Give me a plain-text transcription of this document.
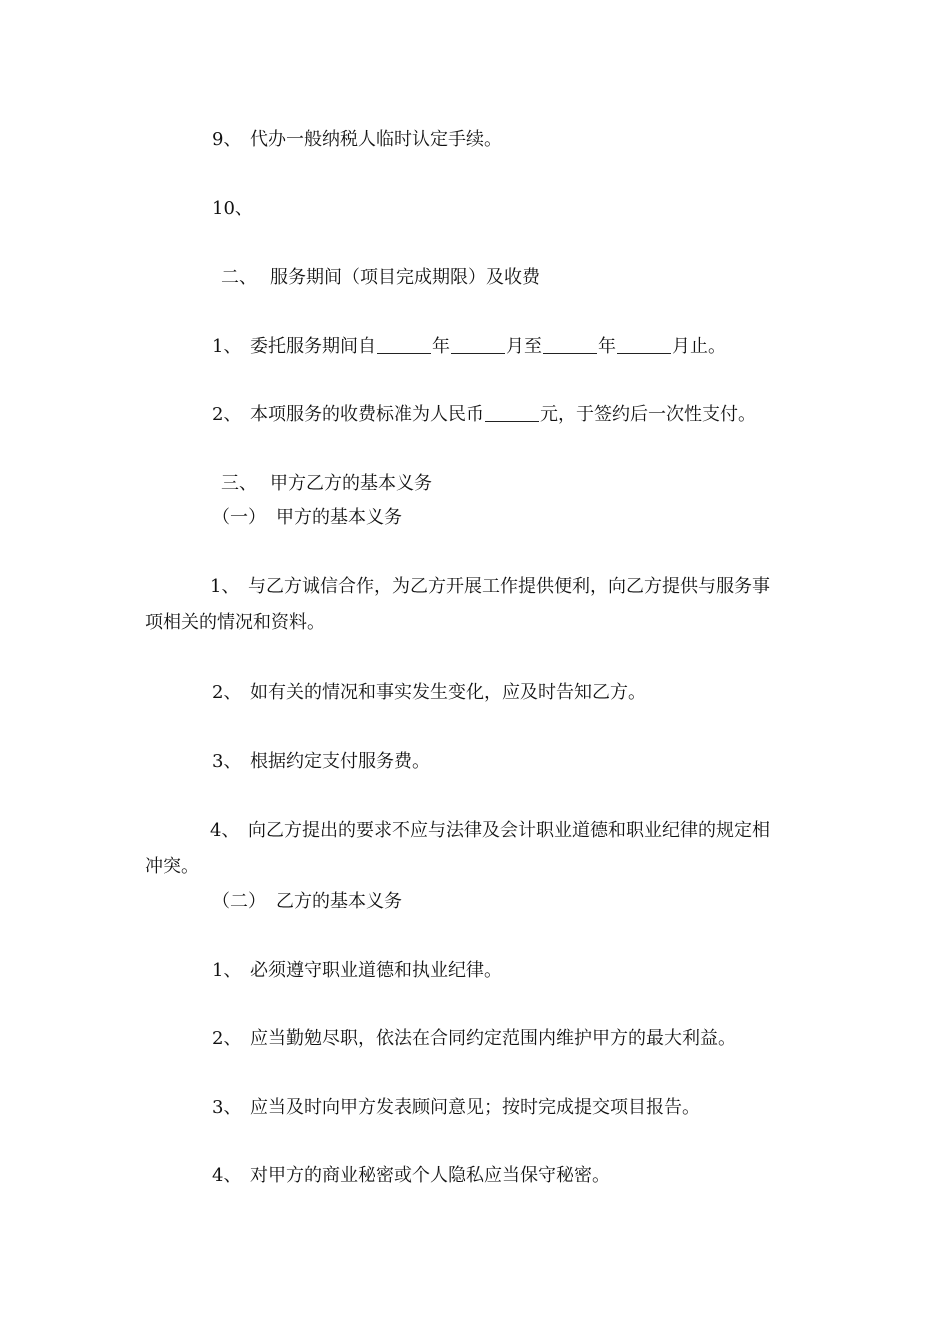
9、 代办一般纳税人临时认定手续。
10、
二、 服务期间（项目完成期限）及收费
1、 委托服务期间自	年	月至	年	月止。
2、 本项服务的收费标准为人民币	元，于签约后一次性支付。
三、 甲方乙方的基本义务
（一） 甲方的基本义务
1、 与乙方诚信合作，为乙方开展工作提供便利，向乙方提供与服务事
项相关的情况和资料。
2、 如有关的情况和事实发生变化，应及时告知乙方。
3、 根据约定支付服务费。
4、 向乙方提出的要求不应与法律及会计职业道德和职业纪律的规定相
冲突。
（二） 乙方的基本义务
1、 必须遵守职业道德和执业纪律。
2、 应当勤勉尽职，依法在合同约定范围内维护甲方的最大利益。
3、 应当及时向甲方发表顾问意见；按时完成提交项目报告。
4、 对甲方的商业秘密或个人隐私应当保守秘密。
